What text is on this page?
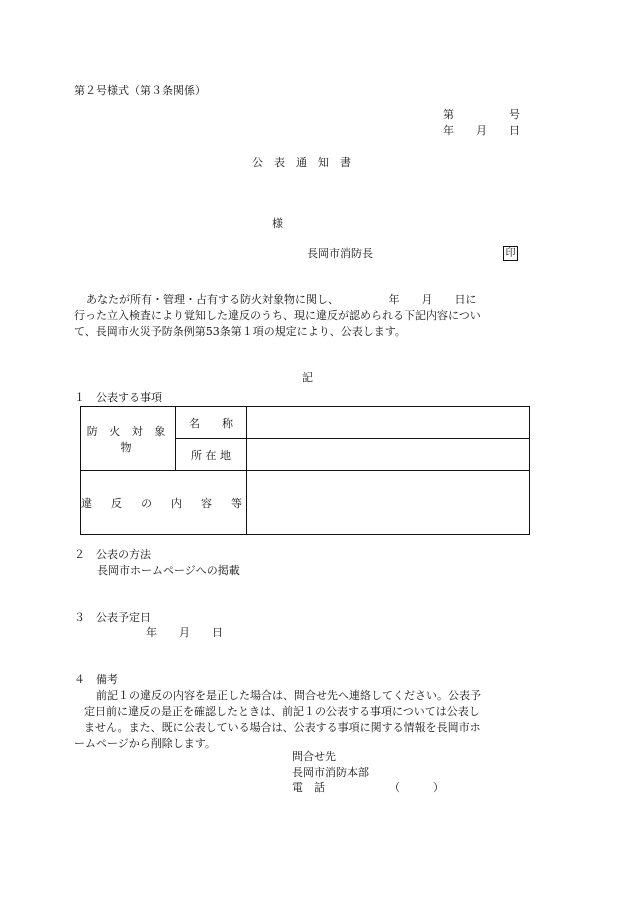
第２号様式（第３条関係）
第　　　　　号
年　　月　　日
公　表　通　知　書
様
長岡市消防長	印
あなたが所有・管理・占有する防火対象物に関し、　　　　　年　　月　　日に
行った立入検査により覚知した違反のうち、現に違反が認められる下記内容につい
て、長岡市火災予防条例第53条第１項の規定により、公表します。
記
１　公表する事項
防 火 対 象 物	名　　称	
	所 在 地	
違　反　の　内　容　等		
２　公表の方法
長岡市ホームページへの掲載
３　公表予定日
年　　月　　日
４　備考
前記１の違反の内容を是正した場合は、問合せ先へ連絡してください。公表予
定日前に違反の是正を確認したときは、前記１の公表する事項については公表し
ません。また、既に公表している場合は、公表する事項に関する情報を長岡市ホ
ームページから削除します。
問合せ先
長岡市消防本部
電　話	（　　　）
